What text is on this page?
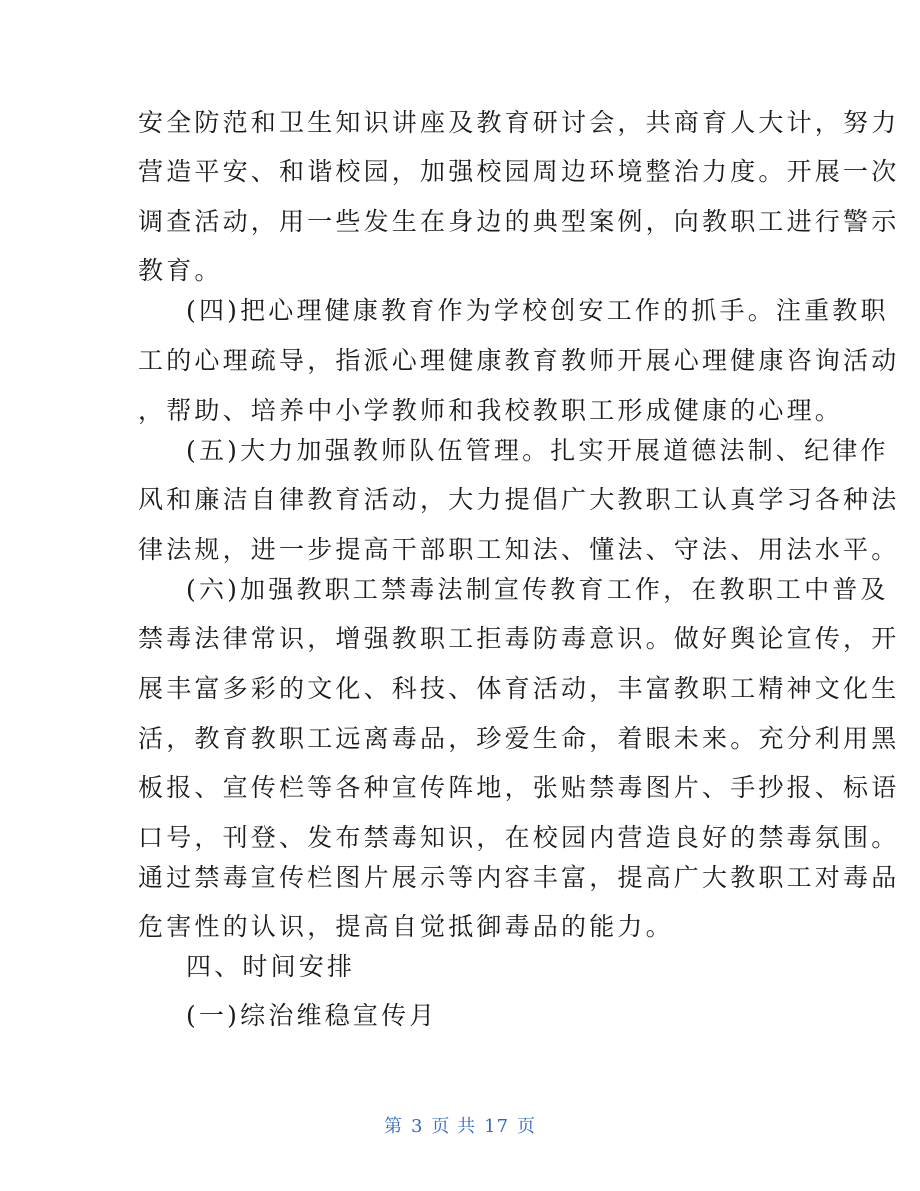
安全防范和卫生知识讲座及教育研讨会，共商育人大计，努力
营造平安、和谐校园，加强校园周边环境整治力度。开展一次
调查活动，用一些发生在身边的典型案例，向教职工进行警示
教育。
(四)把心理健康教育作为学校创安工作的抓手。注重教职
工的心理疏导，指派心理健康教育教师开展心理健康咨询活动
，帮助、培养中小学教师和我校教职工形成健康的心理。
(五)大力加强教师队伍管理。扎实开展道德法制、纪律作
风和廉洁自律教育活动，大力提倡广大教职工认真学习各种法
律法规，进一步提高干部职工知法、懂法、守法、用法水平。
(六)加强教职工禁毒法制宣传教育工作，在教职工中普及
禁毒法律常识，增强教职工拒毒防毒意识。做好舆论宣传，开
展丰富多彩的文化、科技、体育活动，丰富教职工精神文化生
活，教育教职工远离毒品，珍爱生命，着眼未来。充分利用黑
板报、宣传栏等各种宣传阵地，张贴禁毒图片、手抄报、标语
口号，刊登、发布禁毒知识，在校园内营造良好的禁毒氛围。
通过禁毒宣传栏图片展示等内容丰富，提高广大教职工对毒品
危害性的认识，提高自觉抵御毒品的能力。
四、时间安排
(一)综治维稳宣传月
第 3 页 共 17 页
